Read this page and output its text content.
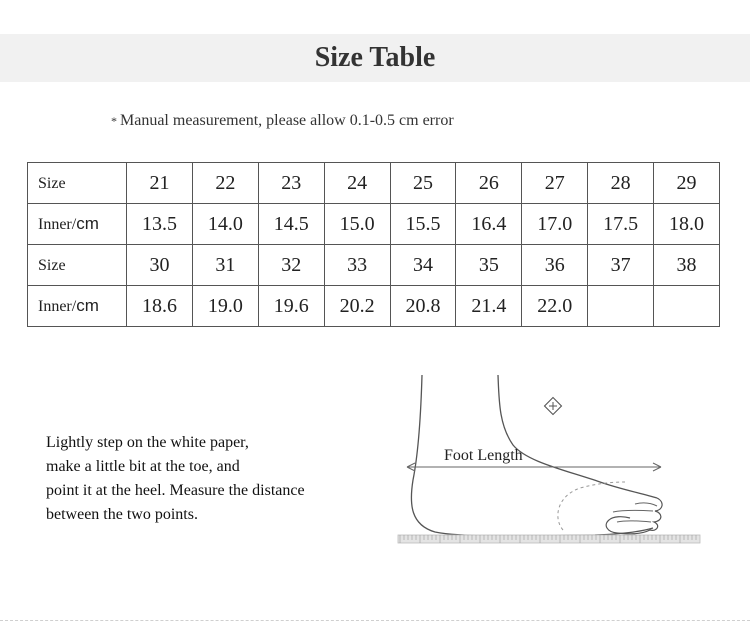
Size Table
* Manual measurement, please allow 0.1-0.5 cm error
Size	21	22	23	24	25	26	27	28	29
Inner/cm	13.5	14.0	14.5	15.0	15.5	16.4	17.0	17.5	18.0
Size	30	31	32	33	34	35	36	37	38
Inner/cm	18.6	19.0	19.6	20.2	20.8	21.4	22.0		
Lightly step on the white paper,
make a little bit at the toe, and
point it at the heel. Measure the distance
between the two points.
Foot Length
